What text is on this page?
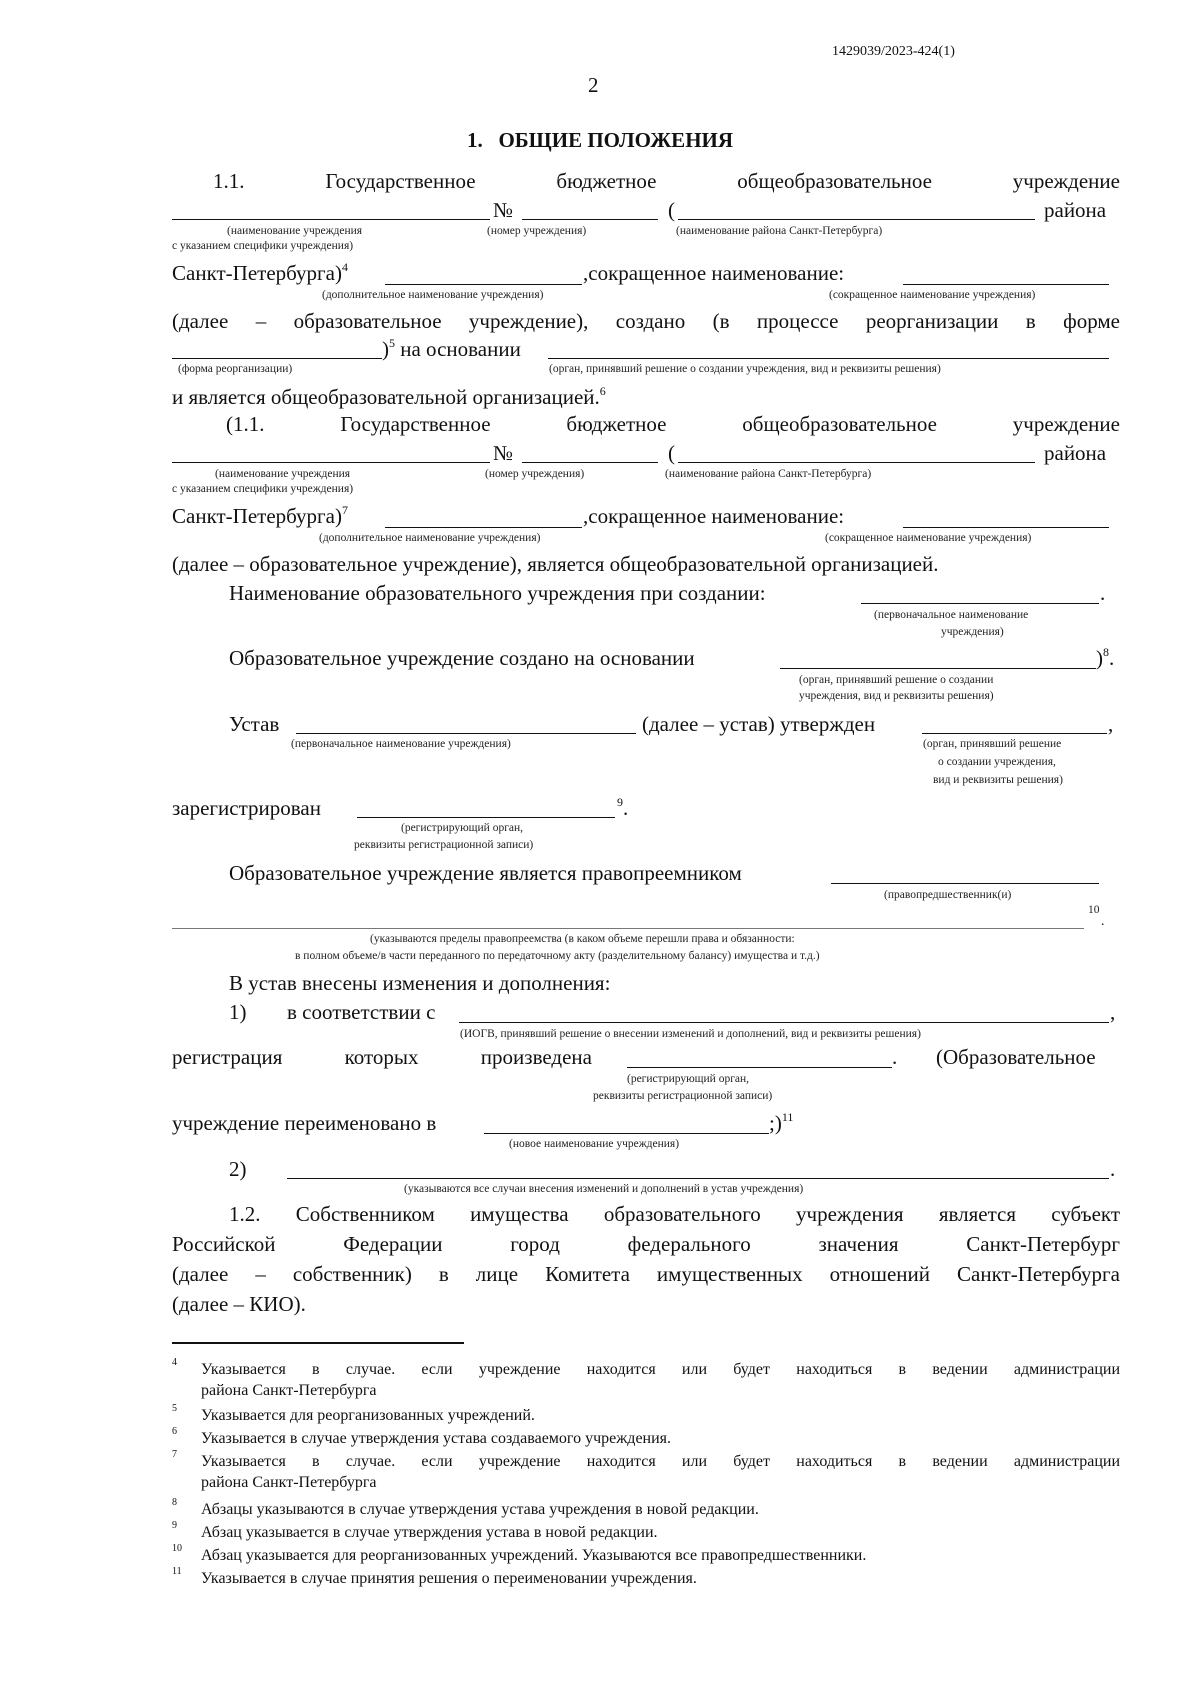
1429039/2023-424(1)
2
1.   ОБЩИЕ ПОЛОЖЕНИЯ
1.1.	Государственное	бюджетное	общеобразовательное	учреждение
№	(	района
(наименование учреждения
с указанием специфики учреждения)
(номер учреждения)	(наименование района Санкт-Петербурга)
Санкт-Петербурга)$^4$	,сокращенное наименование:
(дополнительное наименование учреждения)	(сокращенное наименование учреждения)
(далее – образовательное учреждение), создано (в процессе реорганизации в форме
)$^5$ на основании
(форма реорганизации)	(орган, принявший решение о создании учреждения, вид и реквизиты решения)
и является общеобразовательной организацией.$^6$
(1.1.	Государственное	бюджетное	общеобразовательное	учреждение
№	(	района
(наименование учреждения
с указанием специфики учреждения)
(номер учреждения)	(наименование района Санкт-Петербурга)
Санкт-Петербурга)$^7$	,сокращенное наименование:
(дополнительное наименование учреждения)	(сокращенное наименование учреждения)
(далее – образовательное учреждение), является общеобразовательной организацией.
Наименование образовательного учреждения при создании:	.
(первоначальное наименование
учреждения)
Образовательное учреждение создано на основании	)$^8$.
(орган, принявший решение о создании
учреждения, вид и реквизиты решения)
Устав	(далее – устав) утвержден	,
(первоначальное наименование учреждения)	(орган, принявший решение
о создании учреждения,
вид и реквизиты решения)
зарегистрирован	$^9$.
(регистрирующий орган,
реквизиты регистрационной записи)
Образовательное учреждение является правопреемником
(правопредшественник(и)
10
.
(указываются пределы правопреемства (в каком объеме перешли права и обязанности:
в полном объеме/в части переданного по передаточному акту (разделительному балансу) имущества и т.д.)
В устав внесены изменения и дополнения:
1) в соответствии с	,
(ИОГВ, принявший решение о внесении изменений и дополнений, вид и реквизиты решения)
регистрация	которых	произведена	. (Образовательное
(регистрирующий орган,
реквизиты регистрационной записи)
учреждение переименовано в	;)$^{11}$
(новое наименование учреждения)
2)	.
(указываются все случаи внесения изменений и дополнений в устав учреждения)
1.2. Собственником имущества образовательного учреждения является субъект
Российской	Федерации	город	федерального	значения	Санкт-Петербург
(далее – собственник) в лице Комитета имущественных отношений Санкт-Петербурга
(далее – КИО).
4 Указывается в случае. если учреждение находится или будет находиться в ведении администрации
района Санкт-Петербурга
5 Указывается для реорганизованных учреждений.
6 Указывается в случае утверждения устава создаваемого учреждения.
7 Указывается в случае. если учреждение находится или будет находиться в ведении администрации
района Санкт-Петербурга
8 Абзацы указываются в случае утверждения устава учреждения в новой редакции.
9 Абзац указывается в случае утверждения устава в новой редакции.
10 Абзац указывается для реорганизованных учреждений. Указываются все правопредшественники.
11 Указывается в случае принятия решения о переименовании учреждения.
